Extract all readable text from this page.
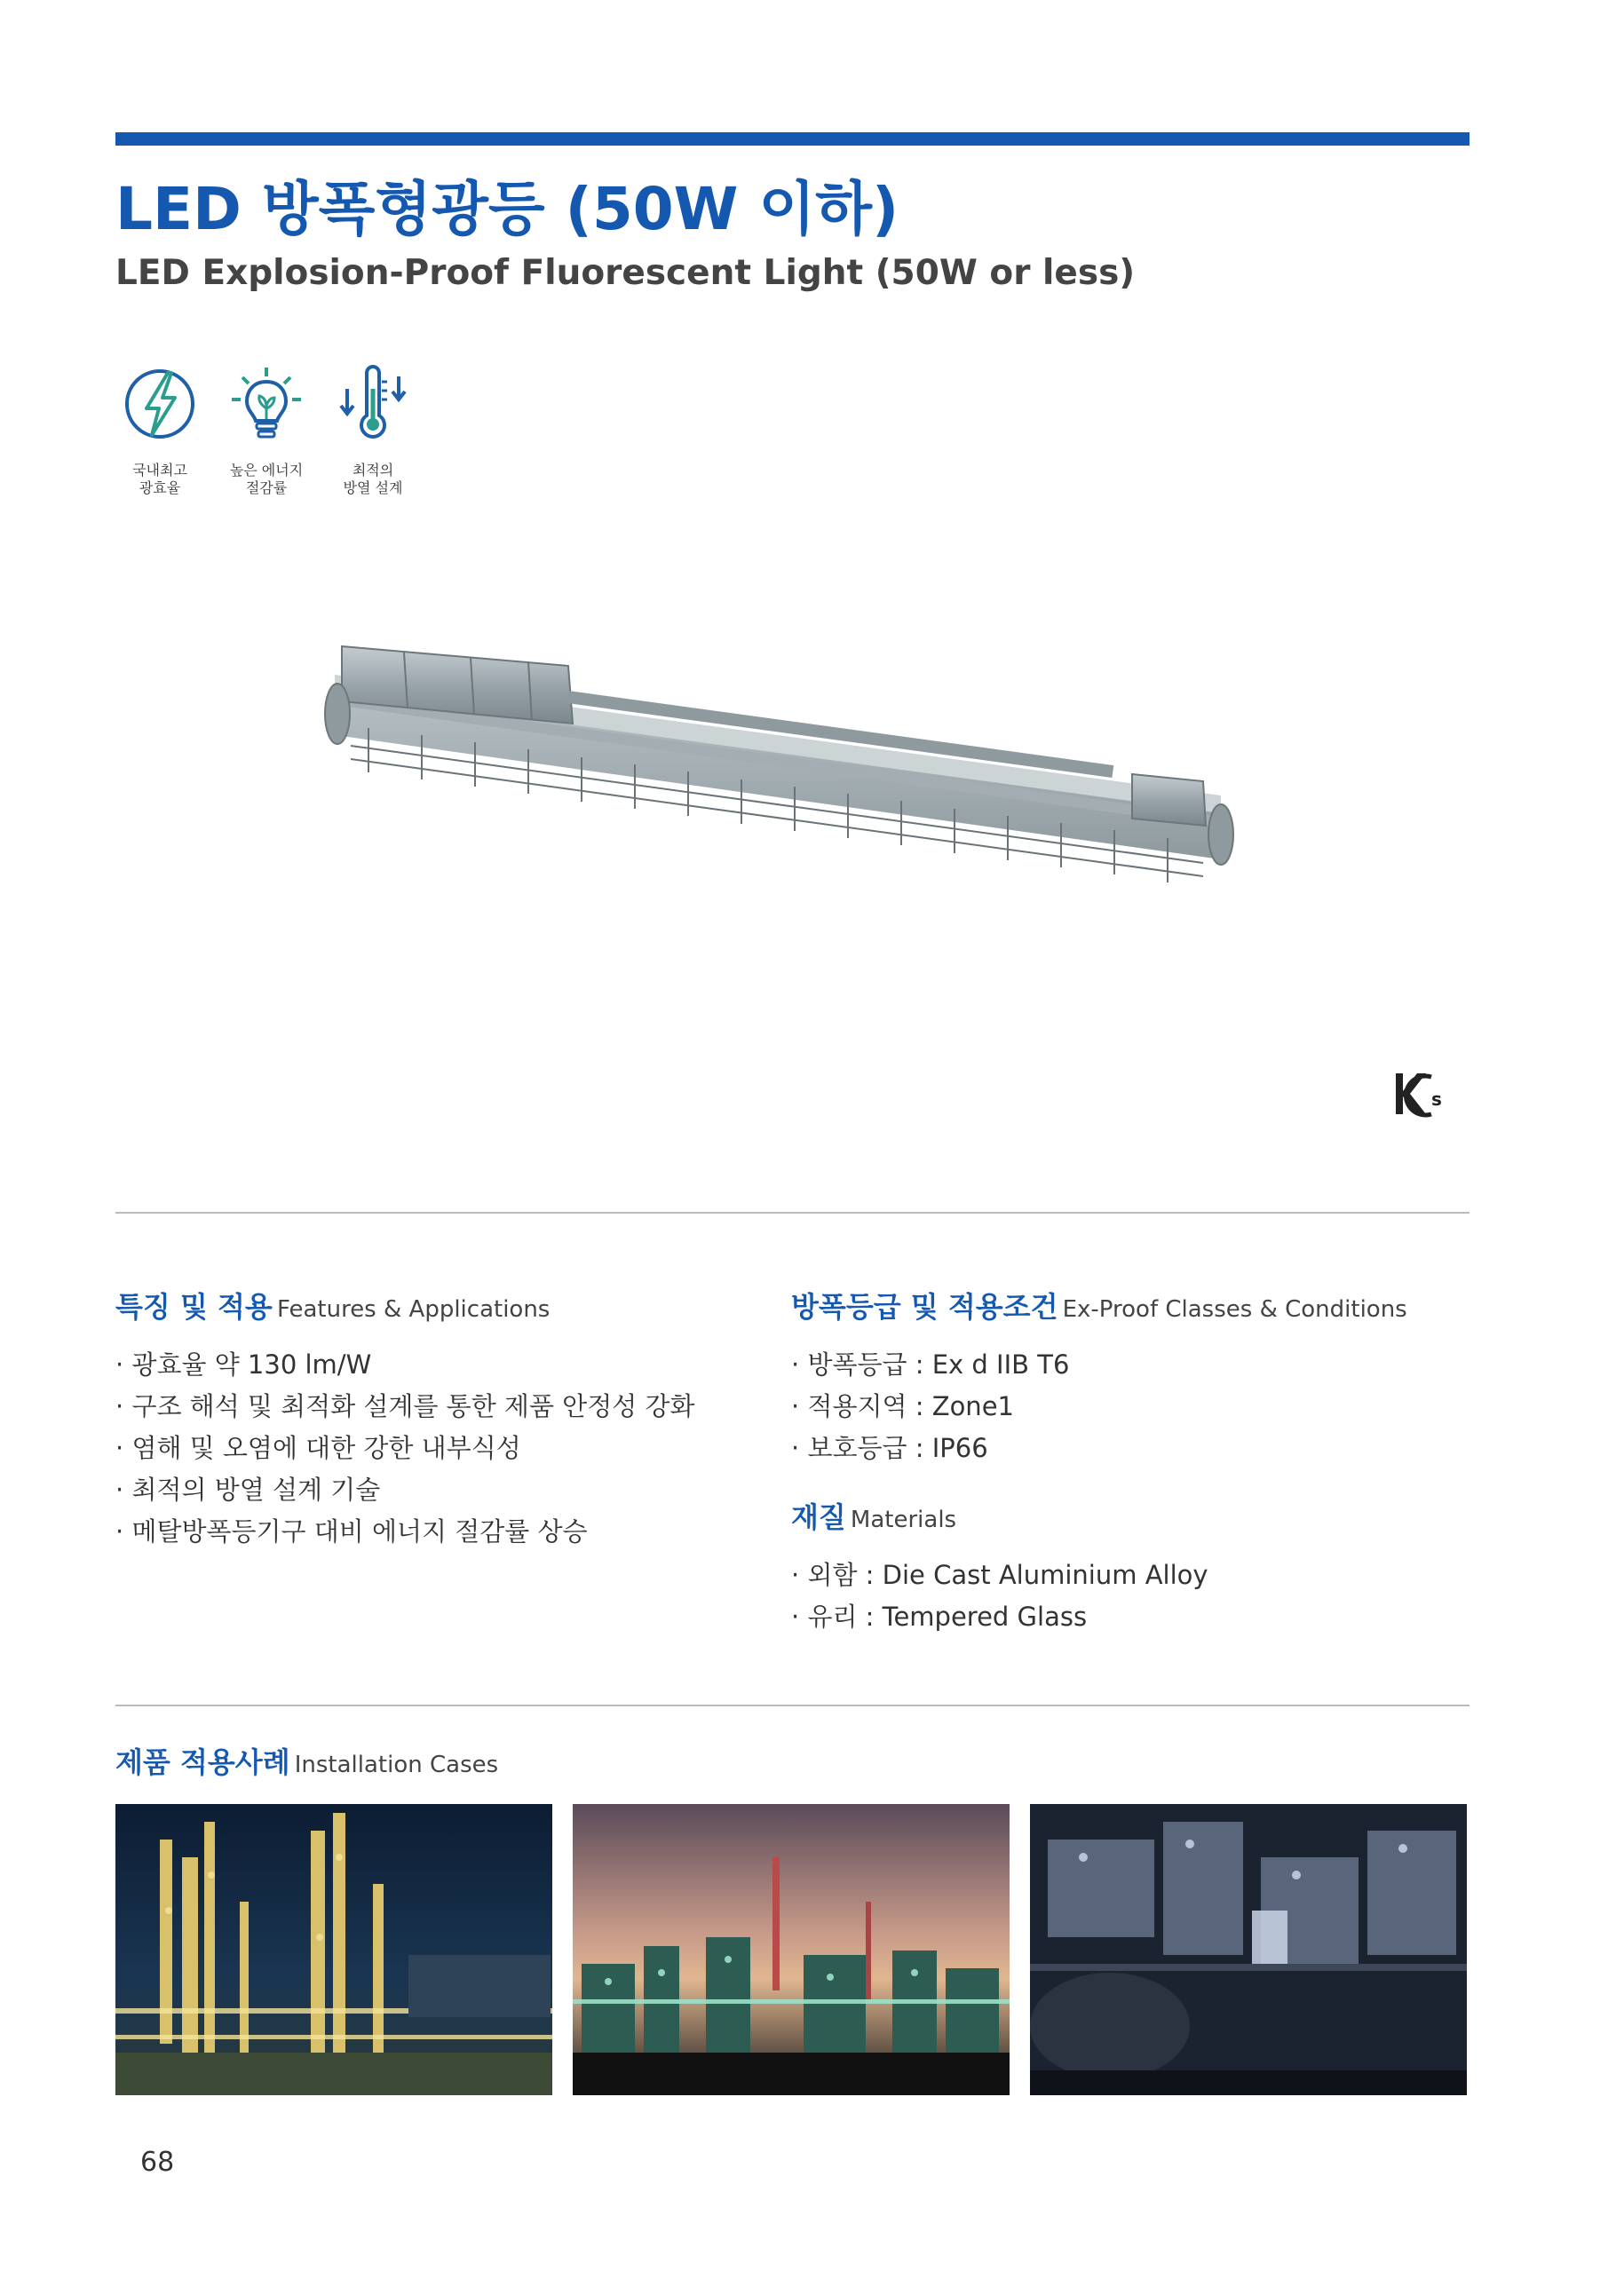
LED 방폭형광등 (50W 이하)
LED Explosion-Proof Fluorescent Light (50W or less)
국내최고
광효율
높은 에너지
절감률
최적의
방열 설계
s
특징 및 적용 Features & Applications
· 광효율 약 130 lm/W
· 구조 해석 및 최적화 설계를 통한 제품 안정성 강화
· 염해 및 오염에 대한 강한 내부식성
· 최적의 방열 설계 기술
· 메탈방폭등기구 대비 에너지 절감률 상승
방폭등급 및 적용조건 Ex-Proof Classes & Conditions
· 방폭등급 : Ex d IIB T6
· 적용지역 : Zone1
· 보호등급 : IP66
재질 Materials
· 외함 : Die Cast Aluminium Alloy
· 유리 : Tempered Glass
제품 적용사례 Installation Cases
68
